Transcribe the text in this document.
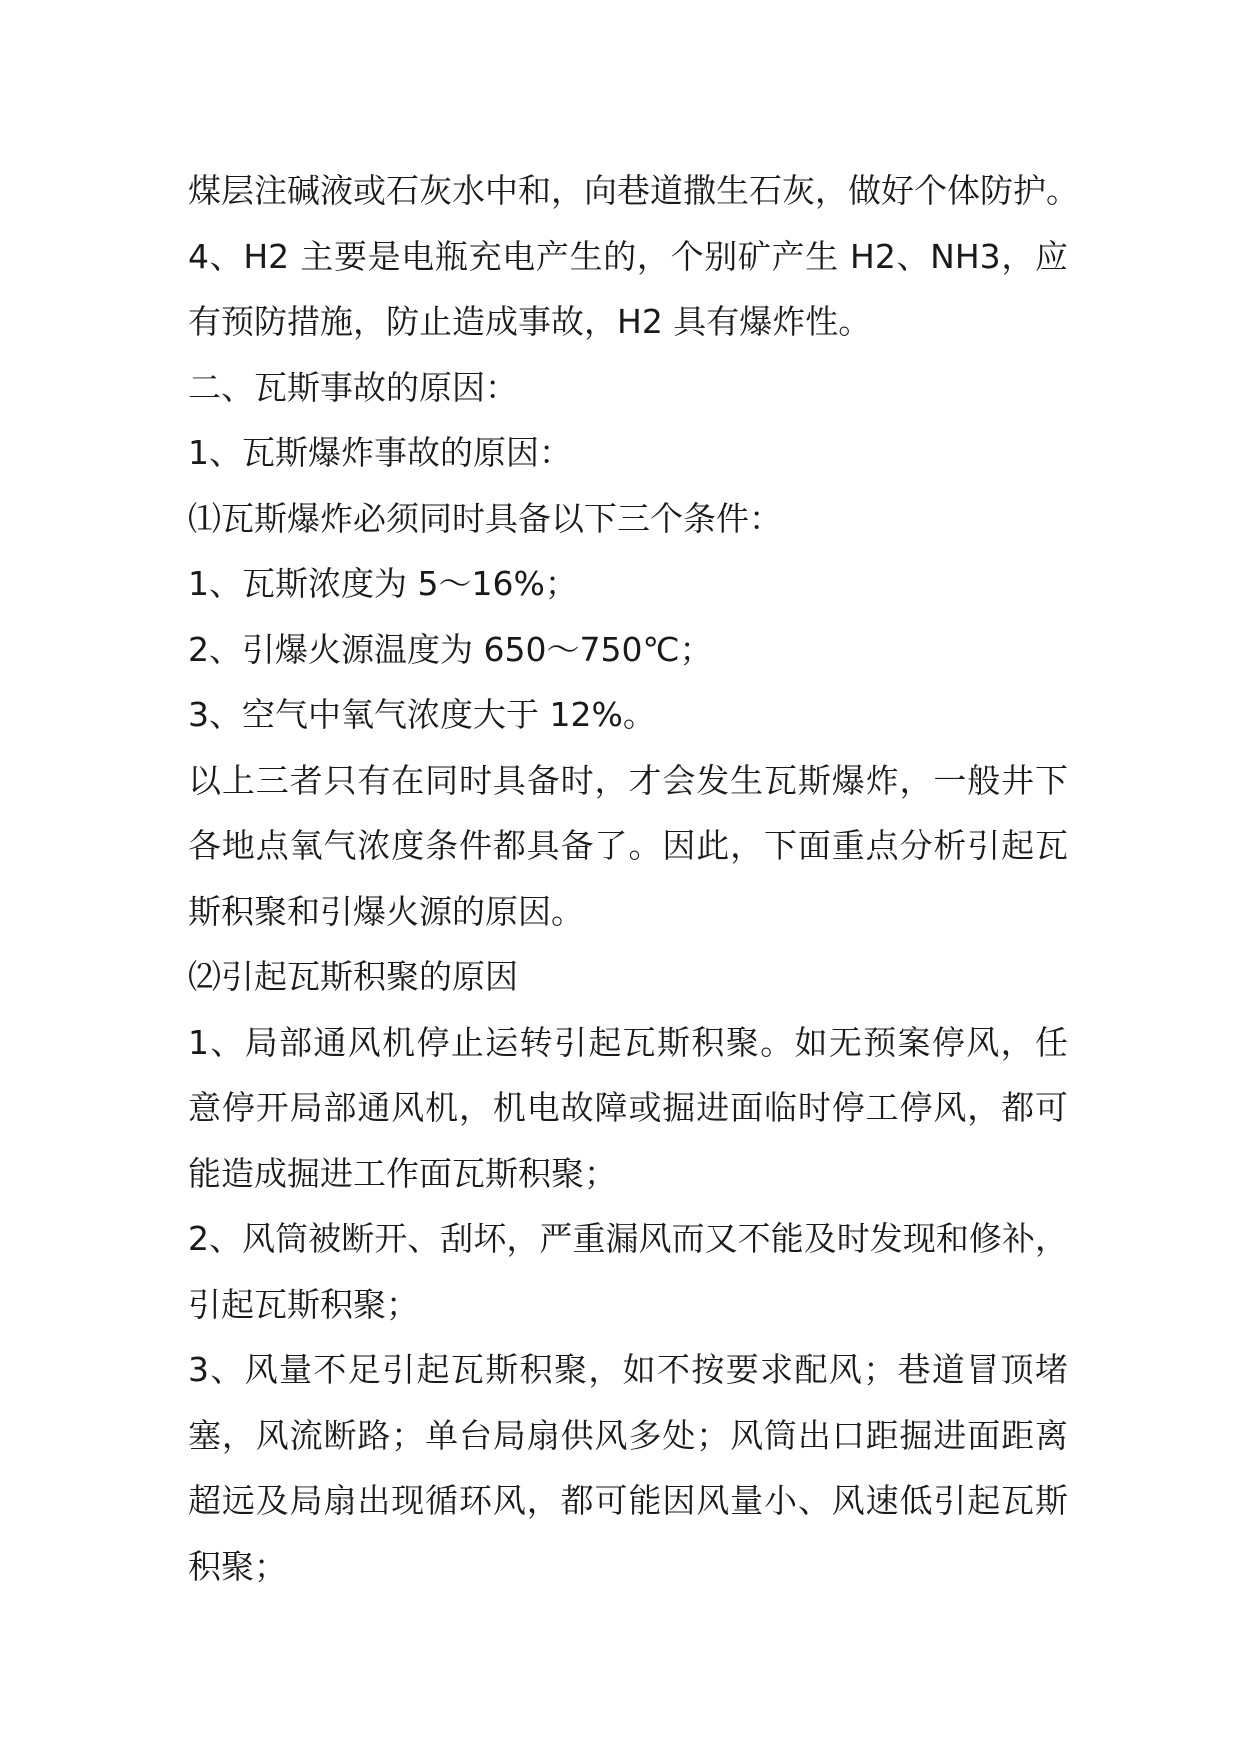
煤层注碱液或石灰水中和，向巷道撒生石灰，做好个体防护。
4、H2 主要是电瓶充电产生的，个别矿产生 H2、NH3，应
有预防措施，防止造成事故，H2 具有爆炸性。
二、瓦斯事故的原因：
1、瓦斯爆炸事故的原因：
⑴瓦斯爆炸必须同时具备以下三个条件：
1、瓦斯浓度为 5～16%；
2、引爆火源温度为 650～750℃；
3、空气中氧气浓度大于 12%。
以上三者只有在同时具备时，才会发生瓦斯爆炸，一般井下
各地点氧气浓度条件都具备了。因此，下面重点分析引起瓦
斯积聚和引爆火源的原因。
⑵引起瓦斯积聚的原因
1、局部通风机停止运转引起瓦斯积聚。如无预案停风，任
意停开局部通风机，机电故障或掘进面临时停工停风，都可
能造成掘进工作面瓦斯积聚；
2、风筒被断开、刮坏，严重漏风而又不能及时发现和修补，
引起瓦斯积聚；
3、风量不足引起瓦斯积聚，如不按要求配风；巷道冒顶堵
塞，风流断路；单台局扇供风多处；风筒出口距掘进面距离
超远及局扇出现循环风，都可能因风量小、风速低引起瓦斯
积聚；
